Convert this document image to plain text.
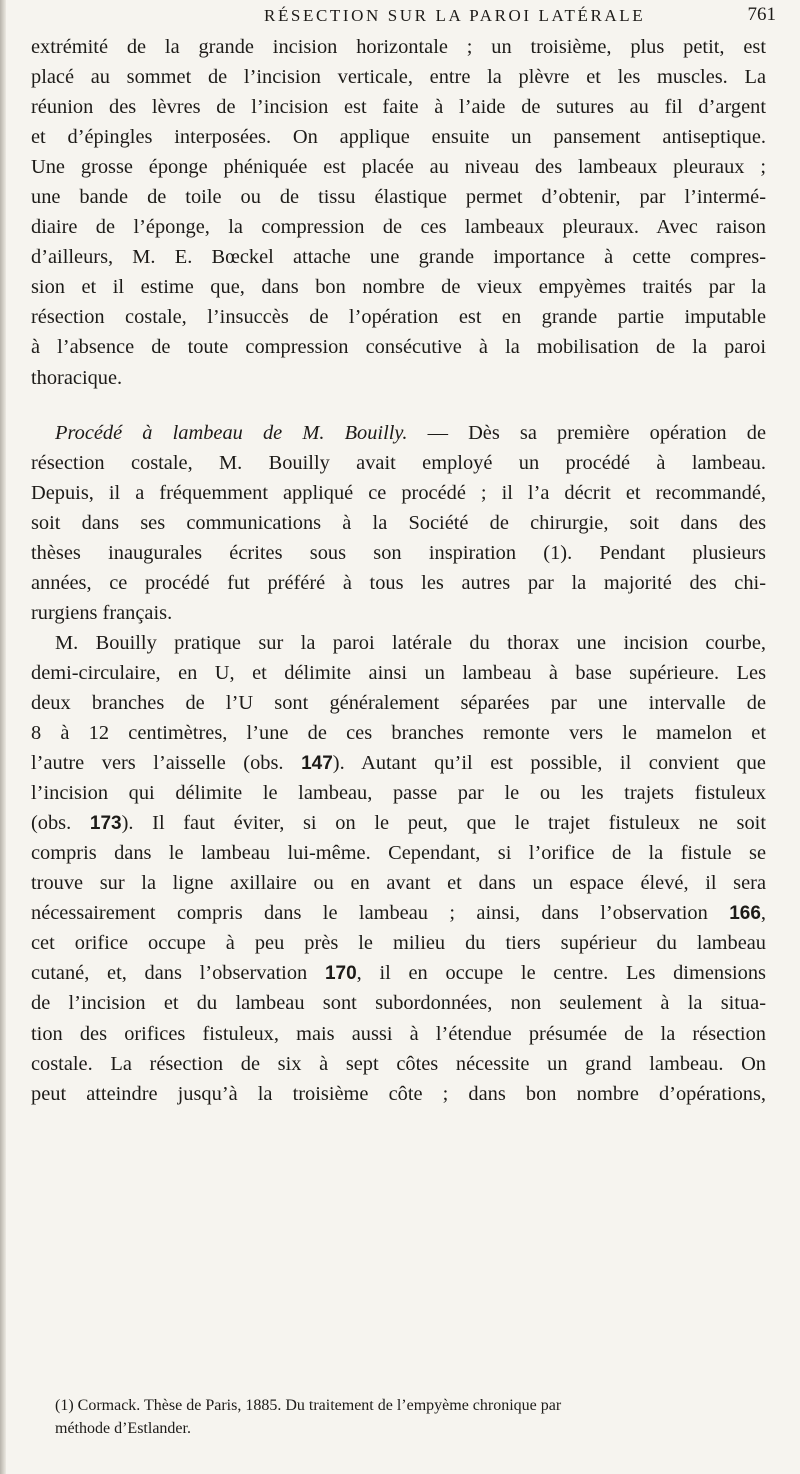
RÉSECTION SUR LA PAROI LATÉRALE	761
extrémité de la grande incision horizontale ; un troisième, plus petit, est
placé au sommet de l’incision verticale, entre la plèvre et les muscles. La
réunion des lèvres de l’incision est faite à l’aide de sutures au fil d’argent
et d’épingles interposées. On applique ensuite un pansement antiseptique.
Une grosse éponge phéniquée est placée au niveau des lambeaux pleuraux ;
une bande de toile ou de tissu élastique permet d’obtenir, par l’intermé-
diaire de l’éponge, la compression de ces lambeaux pleuraux. Avec raison
d’ailleurs, M. E. Bœckel attache une grande importance à cette compres-
sion et il estime que, dans bon nombre de vieux empyèmes traités par la
résection costale, l’insuccès de l’opération est en grande partie imputable
à l’absence de toute compression consécutive à la mobilisation de la paroi
thoracique.
Procédé à lambeau de M. Bouilly. — Dès sa première opération de
résection costale, M. Bouilly avait employé un procédé à lambeau.
Depuis, il a fréquemment appliqué ce procédé ; il l’a décrit et recommandé,
soit dans ses communications à la Société de chirurgie, soit dans des
thèses inaugurales écrites sous son inspiration (1). Pendant plusieurs
années, ce procédé fut préféré à tous les autres par la majorité des chi-
rurgiens français.
M. Bouilly pratique sur la paroi latérale du thorax une incision courbe,
demi-circulaire, en U, et délimite ainsi un lambeau à base supérieure. Les
deux branches de l’U sont généralement séparées par une intervalle de
8 à 12 centimètres, l’une de ces branches remonte vers le mamelon et
l’autre vers l’aisselle (obs. 147). Autant qu’il est possible, il convient que
l’incision qui délimite le lambeau, passe par le ou les trajets fistuleux
(obs. 173). Il faut éviter, si on le peut, que le trajet fistuleux ne soit
compris dans le lambeau lui-même. Cependant, si l’orifice de la fistule se
trouve sur la ligne axillaire ou en avant et dans un espace élevé, il sera
nécessairement compris dans le lambeau ; ainsi, dans l’observation 166,
cet orifice occupe à peu près le milieu du tiers supérieur du lambeau
cutané, et, dans l’observation 170, il en occupe le centre. Les dimensions
de l’incision et du lambeau sont subordonnées, non seulement à la situa-
tion des orifices fistuleux, mais aussi à l’étendue présumée de la résection
costale. La résection de six à sept côtes nécessite un grand lambeau. On
peut atteindre jusqu’à la troisième côte ; dans bon nombre d’opérations,
(1) Cormack. Thèse de Paris, 1885. Du traitement de l’empyème chronique par
méthode d’Estlander.
